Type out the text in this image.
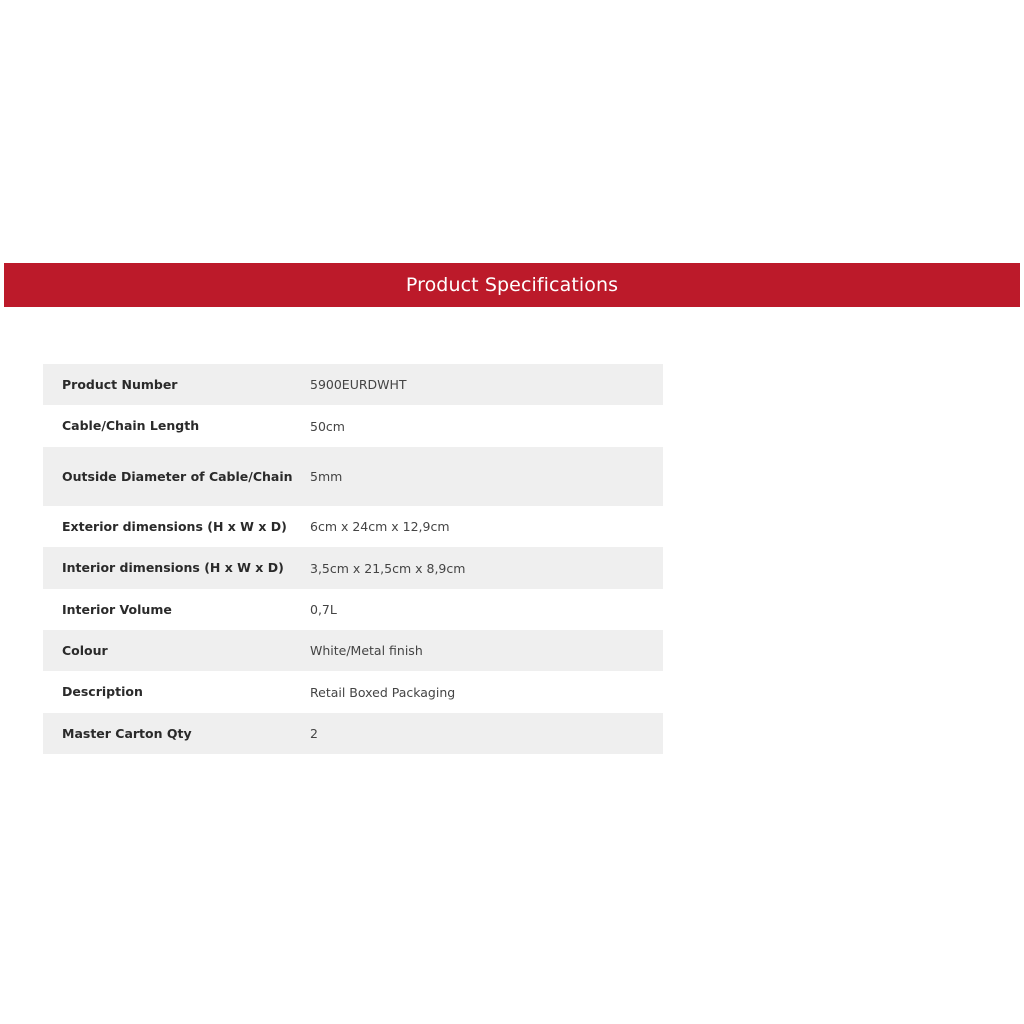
Product Specifications
Product Number	5900EURDWHT
Cable/Chain Length	50cm
Outside Diameter of Cable/Chain	5mm
Exterior dimensions (H x W x D)	6cm x 24cm x 12,9cm
Interior dimensions (H x W x D)	3,5cm x 21,5cm x 8,9cm
Interior Volume	0,7L
Colour	White/Metal finish
Description	Retail Boxed Packaging
Master Carton Qty	2
